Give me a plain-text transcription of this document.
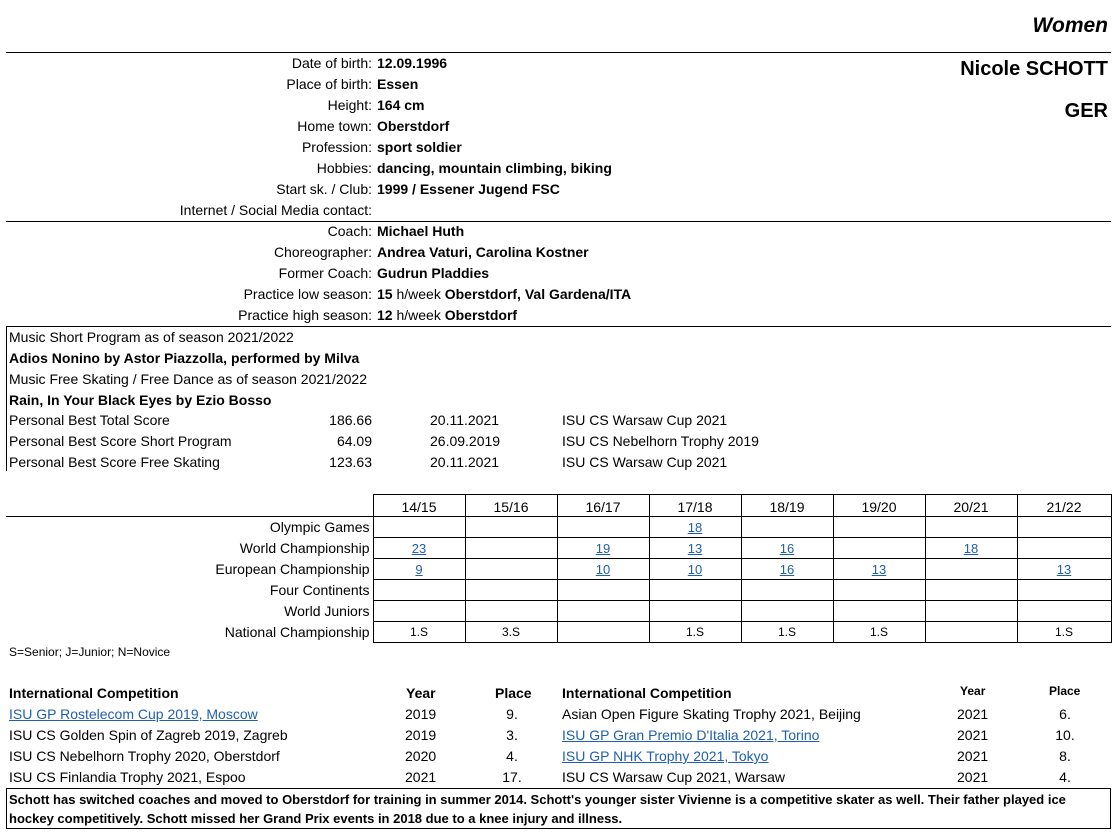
Women
Nicole SCHOTT
GER
Date of birth: 12.09.1996
Place of birth: Essen
Height: 164 cm
Home town: Oberstdorf
Profession: sport soldier
Hobbies: dancing, mountain climbing, biking
Start sk. / Club: 1999 / Essener Jugend FSC
Internet / Social Media contact:
Coach: Michael Huth
Choreographer: Andrea Vaturi, Carolina Kostner
Former Coach: Gudrun Pladdies
Practice low season: 15 h/week Oberstdorf, Val Gardena/ITA
Practice high season: 12 h/week Oberstdorf
Music Short Program as of season 2021/2022
Adios Nonino by Astor Piazzolla, performed by Milva
Music Free Skating / Free Dance as of season 2021/2022
Rain, In Your Black Eyes by Ezio Bosso
Personal Best Total Score	186.66	20.11.2021	ISU CS Warsaw Cup 2021
Personal Best Score Short Program	64.09	26.09.2019	ISU CS Nebelhorn Trophy 2019
Personal Best Score Free Skating	123.63	20.11.2021	ISU CS Warsaw Cup 2021
	14/15	15/16	16/17	17/18	18/19	19/20	20/21	21/22
Olympic Games				18				
World Championship	23		19	13	16		18	
European Championship	9		10	10	16	13		13
Four Continents								
World Juniors								
National Championship	1.S	3.S		1.S	1.S	1.S		1.S
S=Senior; J=Junior; N=Novice
International Competition	Year	Place International Competition	Year	Place
ISU GP Rostelecom Cup 2019, Moscow	2019	9.
ISU CS Golden Spin of Zagreb 2019, Zagreb	2019	3.
ISU CS Nebelhorn Trophy 2020, Oberstdorf	2020	4.
ISU CS Finlandia Trophy 2021, Espoo	2021	17.
Asian Open Figure Skating Trophy 2021, Beijing	2021	6.
ISU GP Gran Premio D'Italia 2021, Torino	2021	10.
ISU GP NHK Trophy 2021, Tokyo	2021	8.
ISU CS Warsaw Cup 2021, Warsaw	2021	4.
Schott has switched coaches and moved to Oberstdorf for training in summer 2014. Schott's younger sister Vivienne is a competitive skater as well. Their father played ice hockey competitively. Schott missed her Grand Prix events in 2018 due to a knee injury and illness.
